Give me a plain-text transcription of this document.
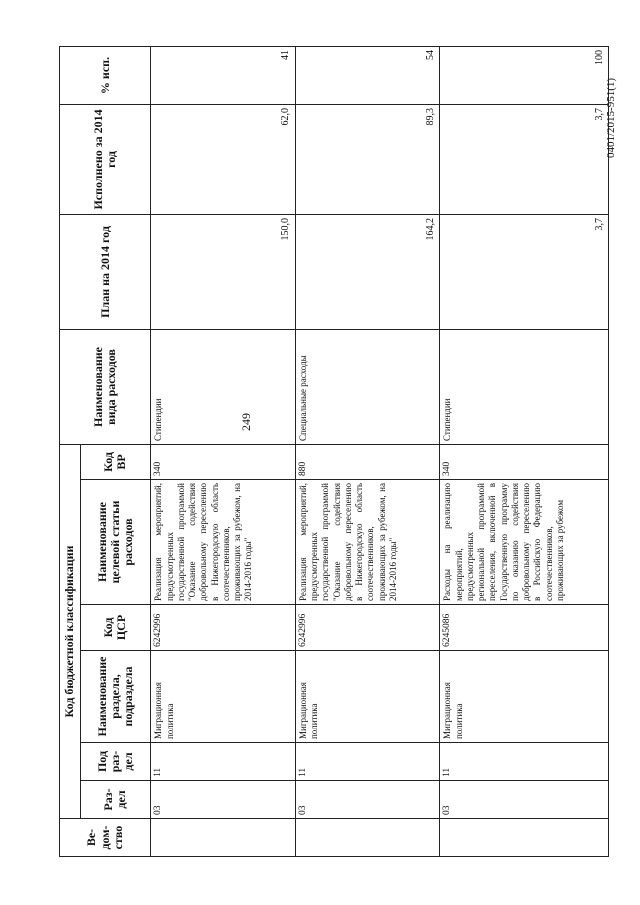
249
0401/2015-951(1)
Ве-дом-ство	Код бюджетной классификации						Наименование вида расходов	План на 2014 год	Исполнено за 2014 год	% исп.
	Раз-дел	Под раз-дел	Наименование раздела, подраздела	Код ЦСР	Наименование целевой статьи расходов	Код ВР				
	03	11	Миграционная политика	6242996	Реализация мероприятий, предусмотренных государственной программой "Оказание содействия добровольному переселению в Нижегородскую область соотечественников, проживающих за рубежом, на 2014-2016 годы"	340	Стипендии	150,0	62,0	41
	03	11	Миграционная политика	6242996	Реализация мероприятий, предусмотренных государственной программой "Оказание содействия добровольному переселению в Нижегородскую область соотечественников, проживающих за рубежом, на 2014-2016 годы"	880	Специальные расходы	164,2	89,3	54
	03	11	Миграционная политика	6245086	Расходы на реализацию мероприятий, предусмотренных региональной программой переселения, включенной в Государственную программу по оказанию содействия добровольному переселению в Российскую Федерацию соотечественников, проживающих за рубежом	340	Стипендии	3,7	3,7	100
